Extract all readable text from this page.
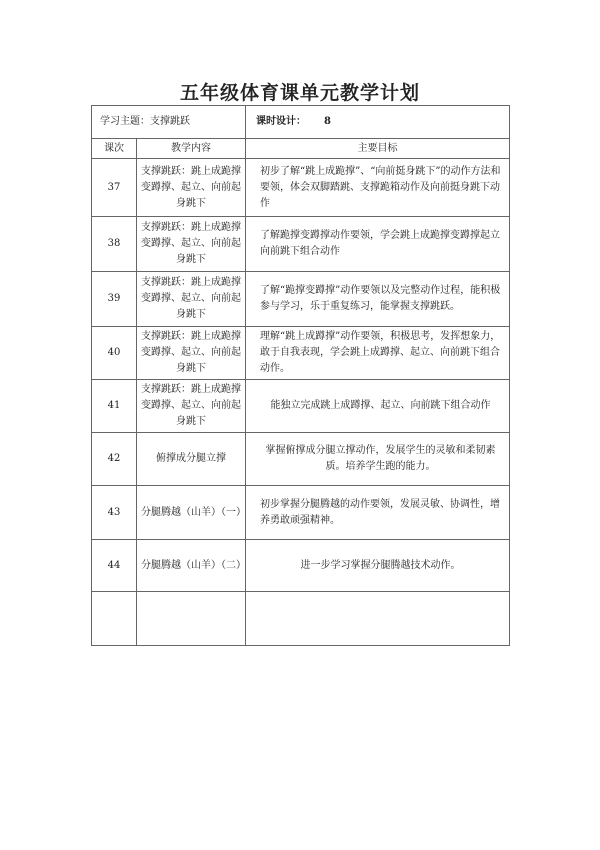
五年级体育课单元教学计划
学习主题：支撑跳跃		课时设计： 8
课次	教学内容	主要目标
37	支撑跳跃：跳上成跪撑变蹲撑、起立、向前起身跳下	初步了解“跳上成跪撑”、“向前挺身跳下”的动作方法和要领，体会双脚踏跳、支撑跪箱动作及向前挺身跳下动作
38	支撑跳跃：跳上成跪撑变蹲撑、起立、向前起身跳下	了解跪撑变蹲撑动作要领，学会跳上成跪撑变蹲撑起立向前跳下组合动作
39	支撑跳跃：跳上成跪撑变蹲撑、起立、向前起身跳下	了解“跪撑变蹲撑”动作要领以及完整动作过程，能积极参与学习，乐于重复练习，能掌握支撑跳跃。
40	支撑跳跃：跳上成跪撑变蹲撑、起立、向前起身跳下	理解“跳上成蹲撑”动作要领，积极思考，发挥想象力，敢于自我表现，学会跳上成蹲撑、起立、向前跳下组合动作。
41	支撑跳跃：跳上成跪撑变蹲撑、起立、向前起身跳下	能独立完成跳上成蹲撑、起立、向前跳下组合动作
42	俯撑成分腿立撑	掌握俯撑成分腿立撑动作，发展学生的灵敏和柔韧素质。培养学生跑的能力。
43	分腿腾越（山羊）（一）	初步掌握分腿腾越的动作要领，发展灵敏、协调性，增养勇敢顽强精神。
44	分腿腾越（山羊）（二）	进一步学习掌握分腿腾越技术动作。
